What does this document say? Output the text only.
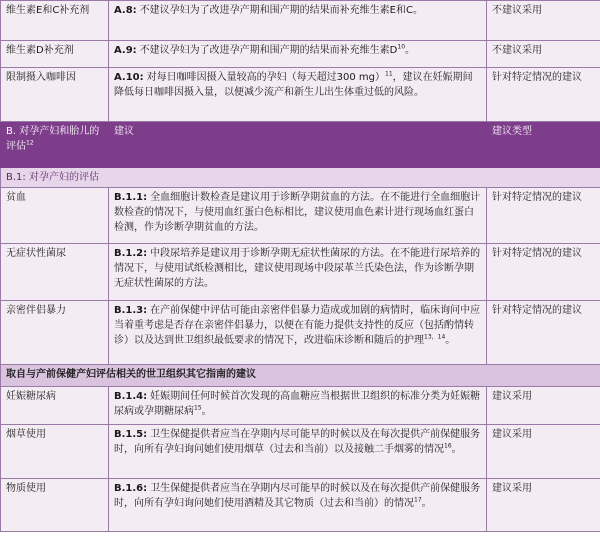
维生素E和C补充剂	A.8: 不建议孕妇为了改进孕产期和围产期的结果而补充维生素E和C。	不建议采用
维生素D补充剂	A.9: 不建议孕妇为了改进孕产期和围产期的结果而补充维生素$D^{10}$。	不建议采用
限制摄入咖啡因	A.10: 对每日咖啡因摄入量较高的孕妇（每天超过300 mg）$^{11}$，建议在妊娠期间降低每日咖啡因摄入量，以便减少流产和新生儿出生体重过低的风险。	针对特定情况的建议
B. 对孕产妇和胎儿的评估$^{12}$	建议	建议类型
B.1: 对孕产妇的评估		
贫血	B.1.1: 全血细胞计数检查是建议用于诊断孕期贫血的方法。在不能进行全血细胞计数检查的情况下，与使用血红蛋白色标相比，建议使用血色素计进行现场血红蛋白检测，作为诊断孕期贫血的方法。	针对特定情况的建议
无症状性菌尿	B.1.2: 中段尿培养是建议用于诊断孕期无症状性菌尿的方法。在不能进行尿培养的情况下，与使用试纸检测相比，建议使用现场中段尿革兰氏染色法，作为诊断孕期无症状性菌尿的方法。	针对特定情况的建议
亲密伴侣暴力	B.1.3: 在产前保健中评估可能由亲密伴侣暴力造成或加剧的病情时，临床询问中应当着重考虑是否存在亲密伴侣暴力，以便在有能力提供支持性的反应（包括酌情转诊）以及达到世卫组织最低要求的情况下，改进临床诊断和随后的护理$^{13,14}$。	针对特定情况的建议
取自与产前保健产妇评估相关的世卫组织其它指南的建议		
妊娠糖尿病	B.1.4: 妊娠期间任何时候首次发现的高血糖应当根据世卫组织的标准分类为妊娠糖尿病或孕期糖尿病$^{15}$。	建议采用
烟草使用	B.1.5: 卫生保健提供者应当在孕期内尽可能早的时候以及在每次提供产前保健服务时，向所有孕妇询问她们使用烟草（过去和当前）以及接触二手烟雾的情况$^{16}$。	建议采用
物质使用	B.1.6: 卫生保健提供者应当在孕期内尽可能早的时候以及在每次提供产前保健服务时，向所有孕妇询问她们使用酒精及其它物质（过去和当前）的情况$^{17}$。	建议采用
